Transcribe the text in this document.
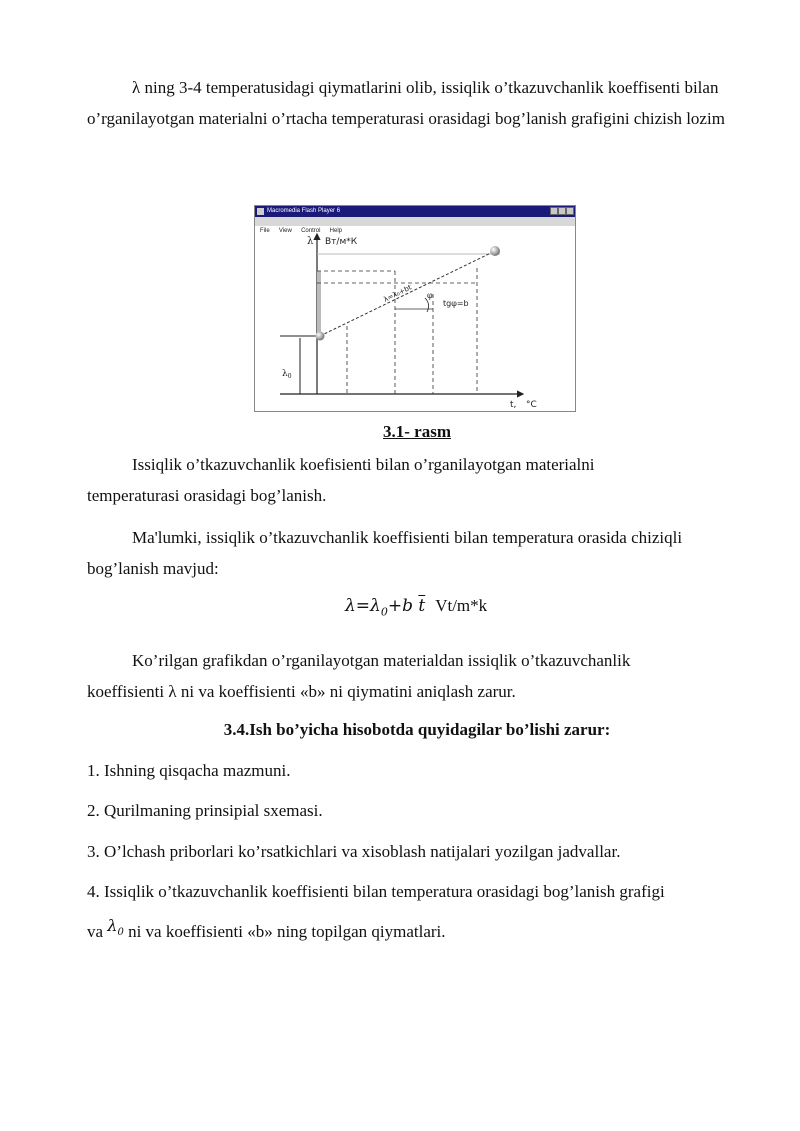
λ ning 3-4 temperatusidagi qiymatlarini olib, issiqlik o’tkazuvchanlik koeffisenti bilan o’rganilayotgan materialni o’rtacha temperaturasi orasidagi bog’lanish grafigini chizish lozim

Macromedia Flash Player 6
File View Control Help
λ Вт/м*К
t, °C
$\lambda_0$
λ=λ₀+bt φ
tgφ=b

3.1- rasm

Issiqlik o’tkazuvchanlik koefisienti bilan o’rganilayotgan materialni temperaturasi orasidagi bog’lanish.

Ma'lumki, issiqlik o’tkazuvchanlik koeffisienti bilan temperatura orasida chiziqli bog’lanish mavjud:

$\lambda=\lambda_0+b$ $\overline{t}$ Vt/m*k

Ko’rilgan grafikdan o’rganilayotgan materialdan issiqlik o’tkazuvchanlik koeffisienti λ ni va koeffisienti «b» ni qiymatini aniqlash zarur.

3.4.Ish bo’yicha hisobotda quyidagilar bo’lishi zarur:

1. Ishning qisqacha mazmuni.

2. Qurilmaning prinsipial sxemasi.

3. O’lchash priborlari ko’rsatkichlari va xisoblash natijalari yozilgan jadvallar.

4. Issiqlik o’tkazuvchanlik koeffisienti bilan temperatura orasidagi bog’lanish grafigi

va $\lambda_0$ ni va koeffisienti «b» ning topilgan qiymatlari.
